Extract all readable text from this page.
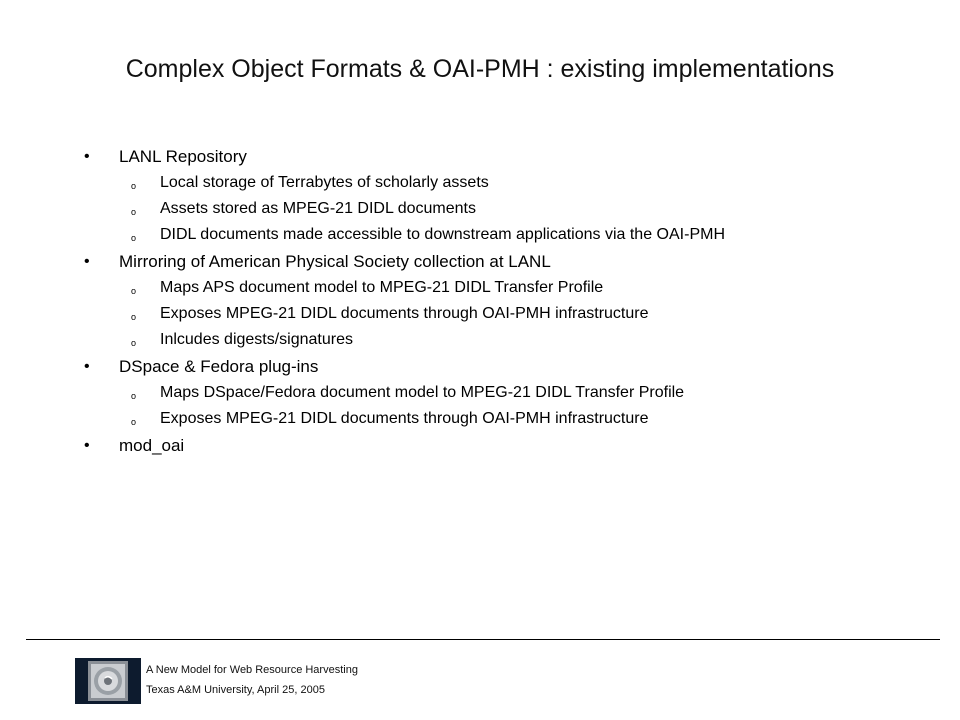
Complex Object Formats & OAI-PMH : existing implementations
• LANL Repository
o Local storage of Terrabytes of scholarly assets
o Assets stored as MPEG-21 DIDL documents
o DIDL documents made accessible to downstream applications via the OAI-PMH
• Mirroring of American Physical Society collection at LANL
o Maps APS document model to MPEG-21 DIDL Transfer Profile
o Exposes MPEG-21 DIDL documents through OAI-PMH infrastructure
o Inlcudes digests/signatures
• DSpace & Fedora plug-ins
o Maps DSpace/Fedora document model to MPEG-21 DIDL Transfer Profile
o Exposes MPEG-21 DIDL documents through OAI-PMH infrastructure
• mod_oai
A New Model for Web Resource Harvesting
Texas A&M University, April 25, 2005
